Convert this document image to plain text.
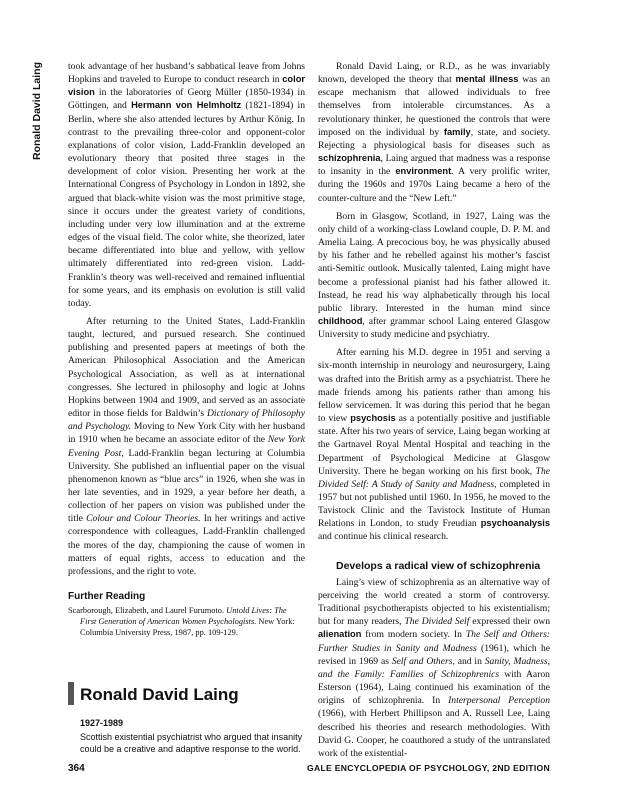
Ronald David Laing	took advantage of her husband’s sabbatical leave from Johns Hopkins and traveled to Europe to conduct research in color vision in the laboratories of Georg Müller (1850-1934) in Göttingen, and Hermann von Helmholtz (1821-1894) in Berlin, where she also attended lectures by Arthur König. In contrast to the prevailing three-color and opponent-color explanations of color vision, Ladd-Franklin developed an evolutionary theory that posited three stages in the development of color vision. Presenting her work at the International Congress of Psychology in London in 1892, she argued that black-white vision was the most primitive stage, since it occurs under the greatest variety of conditions, including under very low illumination and at the extreme edges of the visual field. The color white, she theorized, later became differentiated into blue and yellow, with yellow ultimately differentiated into red-green vision. Ladd-Franklin’s theory was well-received and remained influential for some years, and its emphasis on evolution is still valid today.

After returning to the United States, Ladd-Franklin taught, lectured, and pursued research. She continued publishing and presented papers at meetings of both the American Philosophical Association and the American Psychological Association, as well as at international congresses. She lectured in philosophy and logic at Johns Hopkins between 1904 and 1909, and served as an associate editor in those fields for Baldwin’s Dictionary of Philosophy and Psychology. Moving to New York City with her husband in 1910 when he became an associate editor of the New York Evening Post, Ladd-Franklin began lecturing at Columbia University. She published an influential paper on the visual phenomenon known as “blue arcs” in 1926, when she was in her late seventies, and in 1929, a year before her death, a collection of her papers on vision was published under the title Colour and Colour Theories. In her writings and active correspondence with colleagues, Ladd-Franklin challenged the mores of the day, championing the cause of women in matters of equal rights, access to education and the professions, and the right to vote.

Further Reading
Scarborough, Elizabeth, and Laurel Furumoto. Untold Lives: The First Generation of American Women Psychologists. New York: Columbia University Press, 1987, pp. 109-129.
Ronald David Laing
1927-1989
Scottish existential psychiatrist who argued that insanity could be a creative and adaptive response to the world.

Ronald David Laing, or R.D., as he was invariably known, developed the theory that mental illness was an escape mechanism that allowed individuals to free themselves from intolerable circumstances. As a revolutionary thinker, he questioned the controls that were imposed on the individual by family, state, and society. Rejecting a physiological basis for diseases such as schizophrenia, Laing argued that madness was a response to insanity in the environment. A very prolific writer, during the 1960s and 1970s Laing became a hero of the counter-culture and the “New Left.”

Born in Glasgow, Scotland, in 1927, Laing was the only child of a working-class Lowland couple, D. P. M. and Amelia Laing. A precocious boy, he was physically abused by his father and he rebelled against his mother’s fascist anti-Semitic outlook. Musically talented, Laing might have become a professional pianist had his father allowed it. Instead, he read his way alphabetically through his local public library. Interested in the human mind since childhood, after grammar school Laing entered Glasgow University to study medicine and psychiatry.

After earning his M.D. degree in 1951 and serving a six-month internship in neurology and neurosurgery, Laing was drafted into the British army as a psychiatrist. There he made friends among his patients rather than among his fellow servicemen. It was during this period that he began to view psychosis as a potentially positive and justifiable state. After his two years of service, Laing began working at the Gartnavel Royal Mental Hospital and teaching in the Department of Psychological Medicine at Glasgow University. There he began working on his first book, The Divided Self: A Study of Sanity and Madness, completed in 1957 but not published until 1960. In 1956, he moved to the Tavistock Clinic and the Tavistock Institute of Human Relations in London, to study Freudian psychoanalysis and continue his clinical research.

Develops a radical view of schizophrenia

Laing’s view of schizophrenia as an alternative way of perceiving the world created a storm of controversy. Traditional psychotherapists objected to his existentialism; but for many readers, The Divided Self expressed their own alienation from modern society. In The Self and Others: Further Studies in Sanity and Madness (1961), which he revised in 1969 as Self and Others, and in Sanity, Madness, and the Family: Families of Schizophrenics with Aaron Esterson (1964), Laing continued his examination of the origins of schizophrenia. In Interpersonal Perception (1966), with Herbert Phillipson and A. Russell Lee, Laing described his theories and research methodologies. With David G. Cooper, he coauthored a study of the untranslated work of the existential-

364	GALE ENCYCLOPEDIA OF PSYCHOLOGY, 2ND EDITION
